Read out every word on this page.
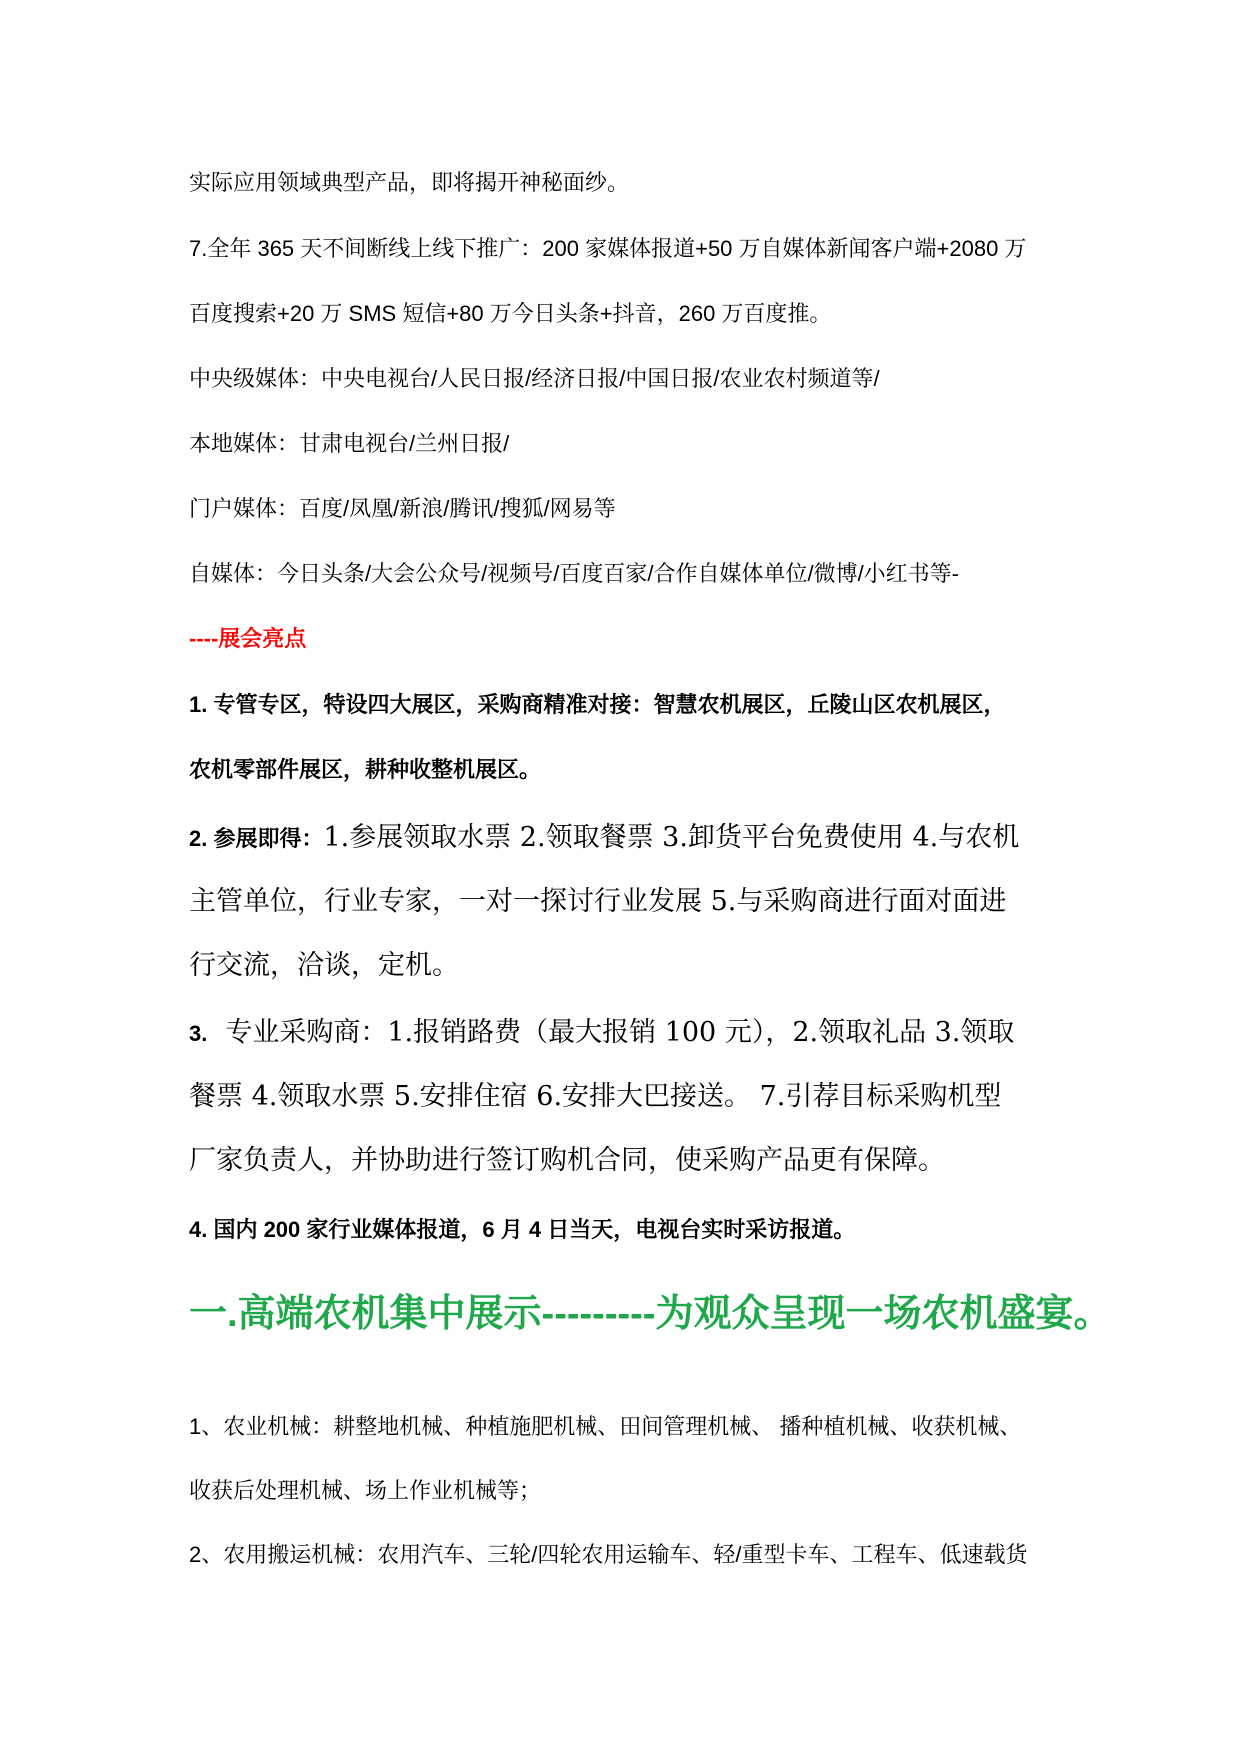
实际应用领域典型产品，即将揭开神秘面纱。

7.全年 365 天不间断线上线下推广：200 家媒体报道+50 万自媒体新闻客户端+2080 万

百度搜索+20 万 SMS 短信+80 万今日头条+抖音，260 万百度推。

中央级媒体：中央电视台/人民日报/经济日报/中国日报/农业农村频道等/

本地媒体：甘肃电视台/兰州日报/

门户媒体：百度/凤凰/新浪/腾讯/搜狐/网易等

自媒体：今日头条/大会公众号/视频号/百度百家/合作自媒体单位/微博/小红书等-

----展会亮点

1. 专管专区，特设四大展区，采购商精准对接：智慧农机展区，丘陵山区农机展区，

农机零部件展区，耕种收整机展区。

2. 参展即得：1.参展领取水票 2.领取餐票 3.卸货平台免费使用 4.与农机

主管单位，行业专家，一对一探讨行业发展 5.与采购商进行面对面进

行交流，洽谈，定机。

3. 专业采购商：1.报销路费（最大报销 100 元），2.领取礼品 3.领取

餐票 4.领取水票 5.安排住宿 6.安排大巴接送。 7.引荐目标采购机型

厂家负责人，并协助进行签订购机合同，使采购产品更有保障。

4. 国内 200 家行业媒体报道，6 月 4 日当天，电视台实时采访报道。

一.高端农机集中展示---------为观众呈现一场农机盛宴。

1、农业机械：耕整地机械、种植施肥机械、田间管理机械、 播种植机械、收获机械、

收获后处理机械、场上作业机械等；

2、农用搬运机械：农用汽车、三轮/四轮农用运输车、轻/重型卡车、工程车、低速载货
